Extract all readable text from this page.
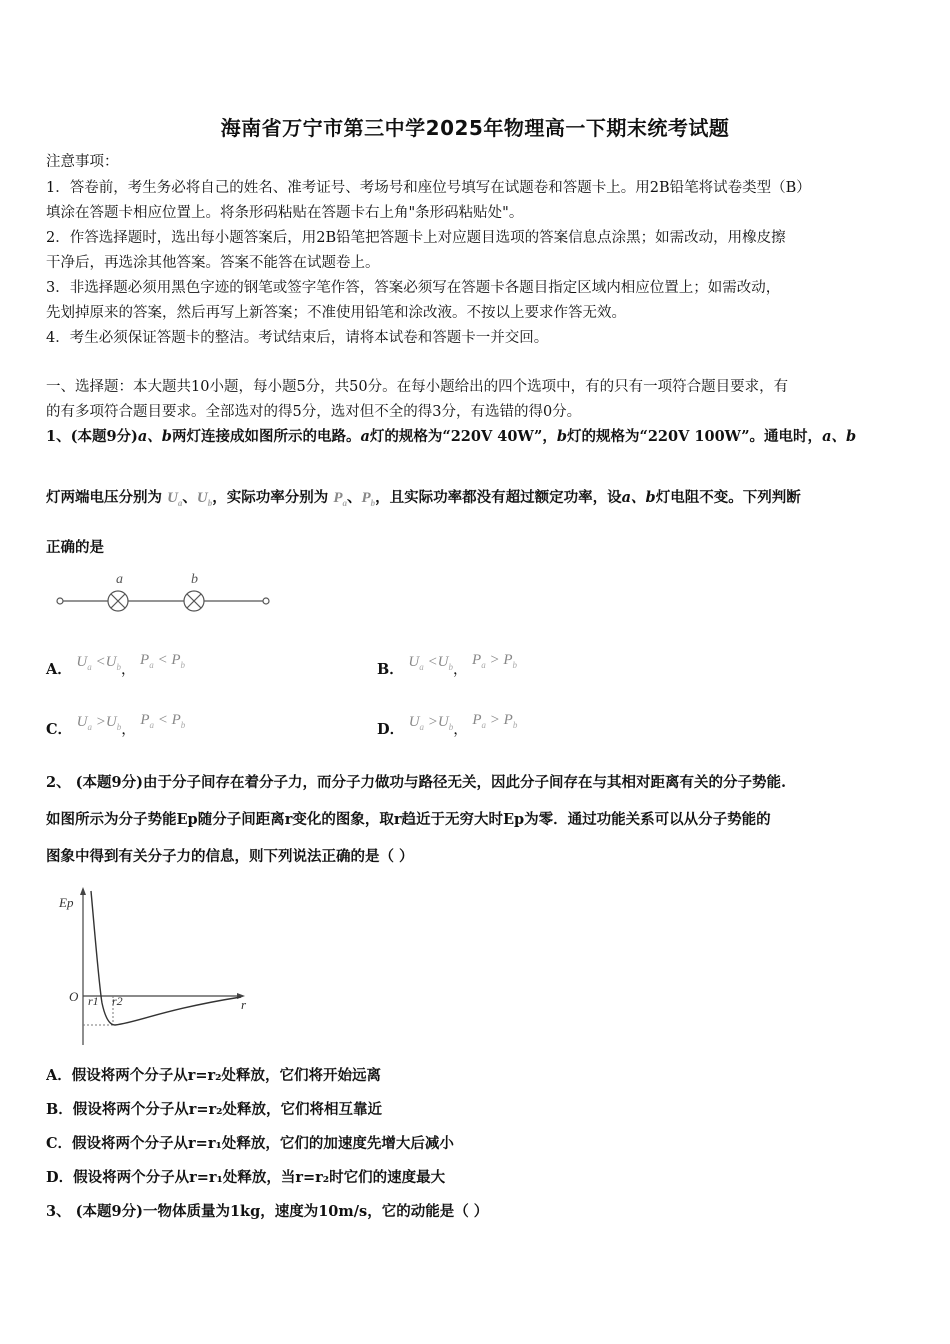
海南省万宁市第三中学2025年物理高一下期末统考试题
注意事项：
1．答卷前，考生务必将自己的姓名、准考证号、考场号和座位号填写在试题卷和答题卡上。用2B铅笔将试卷类型（B）
填涂在答题卡相应位置上。将条形码粘贴在答题卡右上角"条形码粘贴处"。
2．作答选择题时，选出每小题答案后，用2B铅笔把答题卡上对应题目选项的答案信息点涂黑；如需改动，用橡皮擦
干净后，再选涂其他答案。答案不能答在试题卷上。
3．非选择题必须用黑色字迹的钢笔或签字笔作答，答案必须写在答题卡各题目指定区域内相应位置上；如需改动，
先划掉原来的答案，然后再写上新答案；不准使用铅笔和涂改液。不按以上要求作答无效。
4．考生必须保证答题卡的整洁。考试结束后，请将本试卷和答题卡一并交回。
一、选择题：本大题共10小题，每小题5分，共50分。在每小题给出的四个选项中，有的只有一项符合题目要求，有
的有多项符合题目要求。全部选对的得5分，选对但不全的得3分，有选错的得0分。
1、(本题9分)a、b两灯连接成如图所示的电路。a灯的规格为“220V 40W”，b灯的规格为“220V 100W”。通电时，a、b
灯两端电压分别为 $U_a$、$U_b$，实际功率分别为 $P_a$、$P_b$，且实际功率都没有超过额定功率，设a、b灯电阻不变。下列判断
正确的是
a	b
A． $U_a <U_b$， $P_a < P_b$	B． $U_a <U_b$， $P_a > P_b$
C． $U_a >U_b$， $P_a < P_b$	D． $U_a >U_b$， $P_a > P_b$
2、 (本题9分)由于分子间存在着分子力，而分子力做功与路径无关，因此分子间存在与其相对距离有关的分子势能.
如图所示为分子势能Ep随分子间距离r变化的图象，取r趋近于无穷大时Ep为零．通过功能关系可以从分子势能的
图象中得到有关分子力的信息，则下列说法正确的是（ ）
Ep
O r1 r2	r
A．假设将两个分子从r=r₂处释放，它们将开始远离
B．假设将两个分子从r=r₂处释放，它们将相互靠近
C．假设将两个分子从r=r₁处释放，它们的加速度先增大后减小
D．假设将两个分子从r=r₁处释放，当r=r₂时它们的速度最大
3、 (本题9分)一物体质量为1kg，速度为10m/s，它的动能是（ ）
